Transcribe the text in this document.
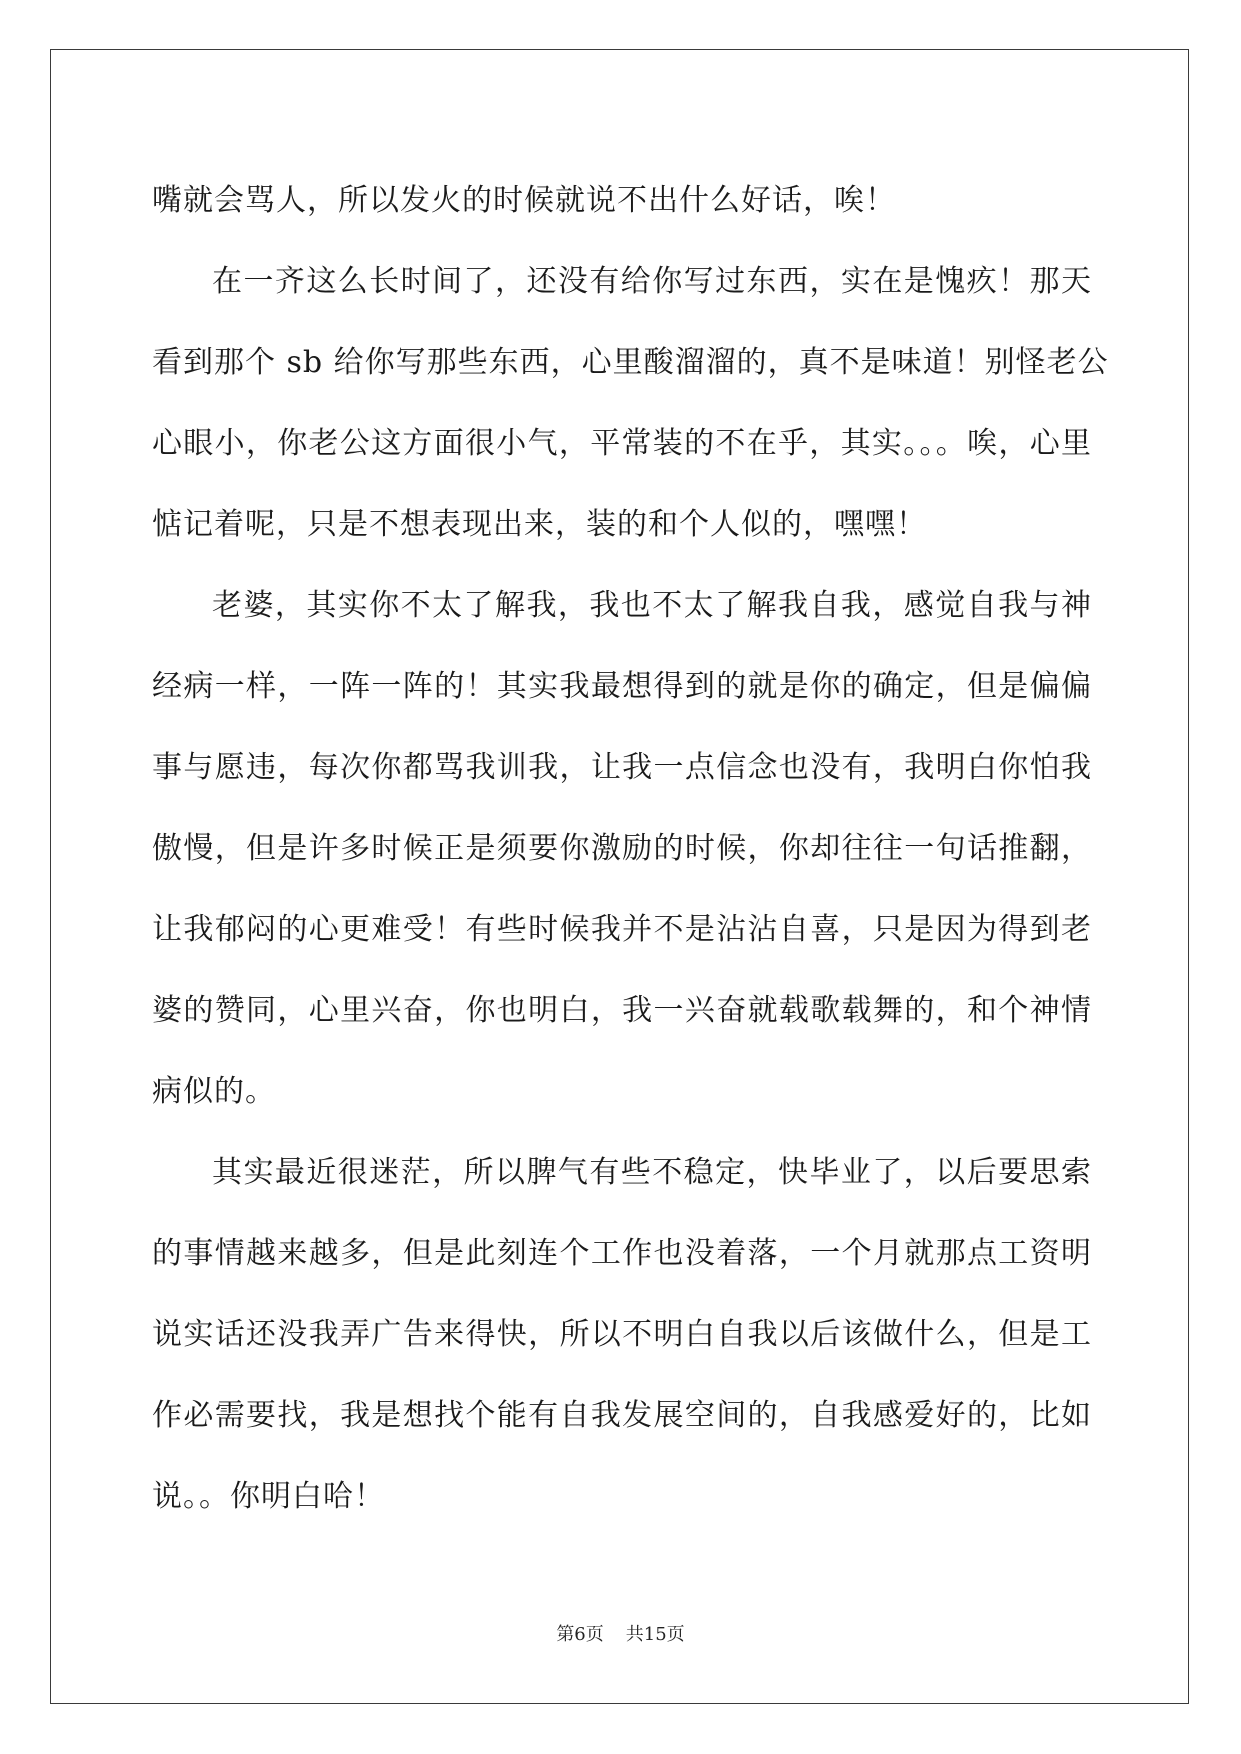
嘴就会骂人，所以发火的时候就说不出什么好话，唉！
在一齐这么长时间了，还没有给你写过东西，实在是愧疚！那天
看到那个 sb 给你写那些东西，心里酸溜溜的，真不是味道！别怪老公
心眼小，你老公这方面很小气，平常装的不在乎，其实。。。唉，心里
惦记着呢，只是不想表现出来，装的和个人似的，嘿嘿！
老婆，其实你不太了解我，我也不太了解我自我，感觉自我与神
经病一样，一阵一阵的！其实我最想得到的就是你的确定，但是偏偏
事与愿违，每次你都骂我训我，让我一点信念也没有，我明白你怕我
傲慢，但是许多时候正是须要你激励的时候，你却往往一句话推翻，
让我郁闷的心更难受！有些时候我并不是沾沾自喜，只是因为得到老
婆的赞同，心里兴奋，你也明白，我一兴奋就载歌载舞的，和个神情
病似的。
其实最近很迷茫，所以脾气有些不稳定，快毕业了，以后要思索
的事情越来越多，但是此刻连个工作也没着落，一个月就那点工资明
说实话还没我弄广告来得快，所以不明白自我以后该做什么，但是工
作必需要找，我是想找个能有自我发展空间的，自我感爱好的，比如
说。。你明白哈！
第6页 共15页
